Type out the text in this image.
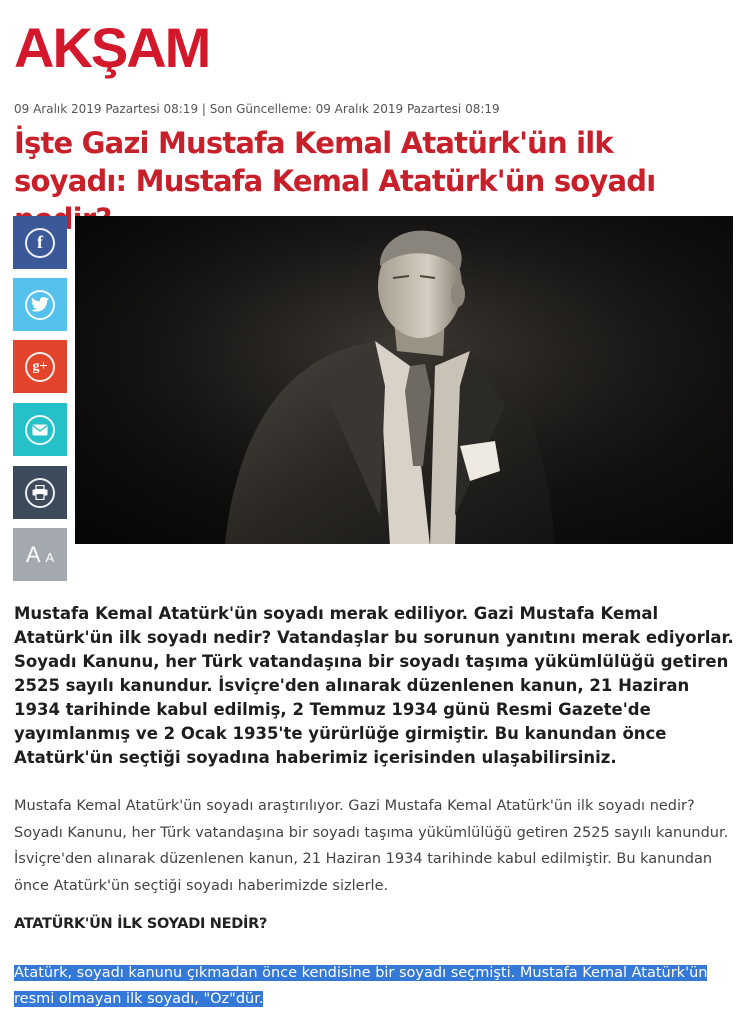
AKŞAM
09 Aralık 2019 Pazartesi 08:19 | Son Güncelleme: 09 Aralık 2019 Pazartesi 08:19
İşte Gazi Mustafa Kemal Atatürk'ün ilk soyadı: Mustafa Kemal Atatürk'ün soyadı
f
g+
A A

Mustafa Kemal Atatürk'ün soyadı merak ediliyor. Gazi Mustafa Kemal Atatürk'ün ilk soyadı nedir? Vatandaşlar bu sorunun yanıtını merak ediyorlar. Soyadı Kanunu, her Türk vatandaşına bir soyadı taşıma yükümlülüğü getiren 2525 sayılı kanundur. İsviçre'den alınarak düzenlenen kanun, 21 Haziran 1934 tarihinde kabul edilmiş, 2 Temmuz 1934 günü Resmi Gazete'de yayımlanmış ve 2 Ocak 1935'te yürürlüğe girmiştir. Bu kanundan önce Atatürk'ün seçtiği soyadına haberimiz içerisinden ulaşabilirsiniz.

Mustafa Kemal Atatürk'ün soyadı araştırılıyor. Gazi Mustafa Kemal Atatürk'ün ilk soyadı nedir? Soyadı Kanunu, her Türk vatandaşına bir soyadı taşıma yükümlülüğü getiren 2525 sayılı kanundur. İsviçre'den alınarak düzenlenen kanun, 21 Haziran 1934 tarihinde kabul edilmiştir. Bu kanundan önce Atatürk'ün seçtiği soyadı haberimizde sizlerle.

ATATÜRK'ÜN İLK SOYADI NEDİR?

Atatürk, soyadı kanunu çıkmadan önce kendisine bir soyadı seçmişti. Mustafa Kemal Atatürk'ün resmi olmayan ilk soyadı, "Öz"dür.
